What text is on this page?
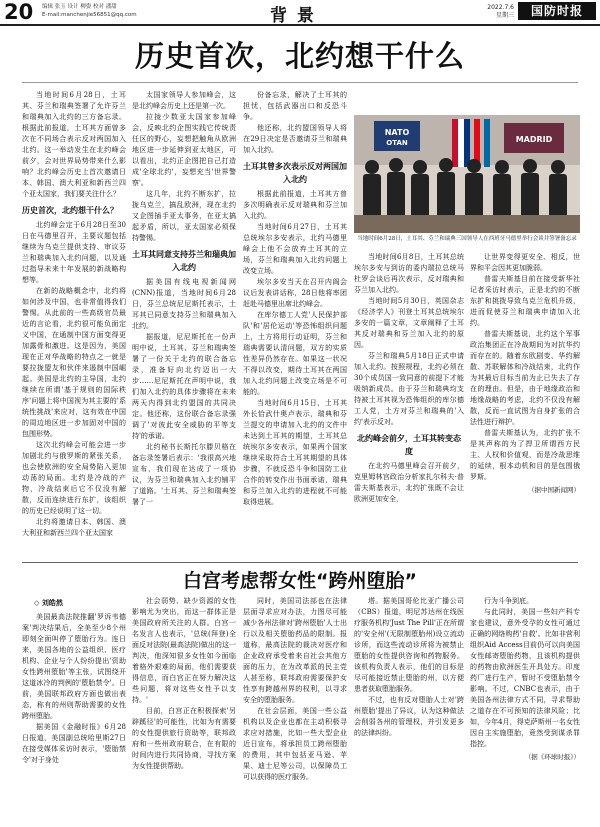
20 编辑 张玉 设计 柳姿 校对 潘甜
E-mail:manchenjie56851@qq.com	背 景	2022.7.6
星期三	国防时报
历史首次，北约想干什么

当地时间6月28日，土耳其、芬兰和瑞典签署了允许芬兰和瑞典加入北约的三方备忘录。根据此前报道，土耳其方面曾多次在不同场合表示反对两国加入北约。这一举动发生在北约峰会前夕，会对世界局势带来什么影响？北约峰会历史上首次邀请日本、韩国、澳大利亚和新西兰四个亚太国家，我们要关注什么？

历史首次，北约想干什么？

北约峰会定于6月28日至30日在马德里召开，主要议题包括继续为乌克兰提供支持、审议芬兰和瑞典加入北约问题，以及通过指导未来十年发展的新战略构想等。

在新的战略概念中，北约将如何涉及中国，也非常值得我们警惕。从此前的一些高级官员最近的言论看，北约很可能负面定义中国，在通制中国方面变得更加露骨和激进。这是因为，美国现在正对华战略的特点之一就是要拉拢盟友和伙伴来遏制中国崛起。美国是北约的主导国，北约继续在所谓'基于规则的国际秩序'问题上将中国视为其主要的'系统性挑战'来应对，这有效在中国的周边地区进一步加固对中国的包围形势。

这次北约峰会可能会进一步加剧北约与俄罗斯的紧张关系，也会使欧洲的安全局势陷入更加动荡的局面。北约是冷战的产物，冷战结束后它不仅没有解散，反而连续进行东扩，该组织的历史已经说明了这一切。

北约将邀请日本、韩国、澳大利亚和新西兰四个亚太国家

太国家领导人参加峰会，这是北约峰会历史上还是第一次。

拉拢少数亚太国家参加峰会，反映北约企图实践它传统责任区的野心，妄想把触角从欧洲地区进一步延伸到亚太地区，可以看出，北约正企图把自己打造成'全球北约'，妄想充当'世界警察'。

这几年，北约不断东扩，拉拢乌克兰，搞乱欧洲，现在北约又企图插手亚太事务，在亚太搞起矛盾，所以，亚太国家必须保持警惕。

土耳其同意支持芬兰和瑞典加入北约

据美国有线电视新闻网(CNN)报道，当地时间6月28日，芬兰总统尼尼斯托表示，土耳其已同意支持芬兰和瑞典加入北约。

据报道，尼尼斯托在一份声明中说，土耳其、芬兰和瑞典签署了一份关于北约的联合备忘录，准备好向北约迈出一大步……尼尼斯托在声明中说，我们加入北约的具体步骤将在未来两天内得到北约盟国的共同决定。他还称，这份联合备忘录强调了'对彼此安全威胁的平等支持'的承诺。

北约秘书长斯托尔滕贝格在备忘录签署后表示：'我很高兴地宣布，我们现在达成了一项协议，为芬兰和瑞典加入北约铺平了道路。'土耳其、芬兰和瑞典签署了一

份备忘录，解决了土耳其的担忧，包括武器出口和反恐斗争。

他还称，北约盟国领导人将在29日决定是否邀请芬兰和瑞典加入北约。

土耳其曾多次表示反对两国加入北约

根据此前报道，土耳其方曾多次明确表示反对瑞典和芬兰加入北约。

当地时间6月27日，土耳其总统埃尔多安表示，北约马德里峰会上他不会放弃土耳其的立场，芬兰和瑞典加入北约问题上改变立场。

埃尔多安当天在召开内阁会议后发表讲话称，28日他将率团赶赴马德里出席北约峰会。

在库尔德工人党'人民保护部队'和'居伦运动'等恐怖组织问题上，土方将用行动证明，芬兰和瑞典需要认清问题，双方的实质性差异仍然存在。如果这一状况不得以改变，期待土耳其在两国加入北约问题上改变立场是不可能的。

当地时间6月15日，土耳其外长恰武什奥卢表示，瑞典和芬兰提交的申请加入北约的文件中未达到土耳其的期望，土耳其总统埃尔多安表示，如果两个国家继续采取符合土耳其期望的具体步骤，不就反恐斗争和国防工业合作的转变作出书面承诺，瑞典和芬兰加入北约的进程就不可能取得进展。

NATO
OTAN	MADRID
当地时间6月28日，土耳其、芬兰和瑞典三国领导人在西班牙马德里举行会谈并签署备忘录

当地时间6月8日，土耳其总统埃尔多安与到访的委内瑞拉总统马杜罗会谈后再次表示，反对瑞典和芬兰加入北约。

当地时间5月30日，英国杂志《经济学人》刊登土耳其总统埃尔多安的一篇文章，文章阐释了土耳其反对瑞典和芬兰加入北约的原因。

芬兰和瑞典5月18日正式申请加入北约。按照规程，北约必须在30个成员国一致同意的前提下才能吸纳新成员。由于芬兰和瑞典均支持被土耳其视为恐怖组织的库尔德工人党，土方对芬兰和瑞典的'入约'表示反对。

北约峰会前夕，土耳其转变态度

在北约马德里峰会召开前夕，克里姆林宫政治分析家扎尔科夫·普雷夫斯基表示，北约扩张既不会让欧洲更加安全，

让世界变得更安全、相反，世界和平会因其更加脆弱。

普雷夫斯基目前在接受新华社记者采访时表示，正是北约的不断东扩和挑拨导致乌克兰危机升级，进而促使芬兰和瑞典申请加入北约。

普雷夫斯基说，北约这个军事政治集团正在冷战期间为对抗华约而存在的。随着东欧剧变、华约解散、苏联解体和冷战结束，北约作为其最后目标当前为止已失去了存在的理由。但是，由于地缘政治和地缘战略的考虑，北约不仅没有解散，反而一直试图为自身扩张的合法性进行辩护。

普雷夫斯基认为，北约扩张不是其声称的为了捍卫所谓西方民主、人权和价值观，而是冷战思维的延续，根本动机和目的是包围俄罗斯。

（据中国新闻网）

白宫考虑帮女性“跨州堕胎”
◇ 刘皓然

美国最高法院推翻'罗诉韦德案'判决结果后，全美至少8个州即刻全面叫停了堕胎行为。连日来，美国各地的公益组织、医疗机构、企业与个人纷纷提出'资助女性跨州堕胎'等主张，试图绕开这道冰冷的判例的'堕胎禁令'。日前，美国联邦政府方面也做出表态，称有的州则帮助需要的女性跨州堕胎。

据美国《金融时报》6月28日报道，美国副总统哈里斯27日在接受媒体采访时表示，'堕胎禁令'对于身处

社会弱势、缺少资源的女性影响尤为突出，而这一群体正是美国政府所关注的人群。白宫一名发言人也表示，'总统(拜登)全面反对法院(最高法院)做出的这一判决，他深知很多女性如今面临着格外艰难的局面，他们需要获得信息，而白宫正在努力解决这些问题，将对这些女性予以支持。'

目前，白宫正在积极探索'另辟蹊径'的可能性，比如为有需要的女性提供旅行资助等，联邦政府和一些州政府联合，在有限的时间内进行共同协商，寻找方案为女性提供帮助。

同时，美国司法部也在法律层面寻求应对办法，力图尽可能减少各州法律对'跨州堕胎'人士出行以及相关堕胎药品的限制。报道称，最高法院的裁决对医疗和企业政府承受着来自社会其他方面的压力，在为改革派的民主党人甚至称，联邦政府需要保护女性享有跨越州界的权利，以寻求安全的堕胎服务。

在社会层面，美国一些公益机构以及企业也都在主动积极寻求应对措施，比如一些大型企业近日宣布，将承担员工跨州堕胎的费用，其中包括亚马逊、苹果、迪士尼等公司，以保障员工可以获得的医疗服务。

塔。据美国哥伦比亚广播公司（CBS）报道，明尼苏达州在线医疗服务机构'Just The Pill'正在所谓的'安全州'(无限制堕胎州)设立流动诊所，而这些流动诊所将为被禁止堕胎的女性提供咨询和药物服务。该机构负责人表示，他们的目标是尽可能接近禁止堕胎的州，以方便患者获取堕胎服务。

不过，也有反对堕胎人士对'跨州堕胎'提出了异议，认为这种做法会削弱各州的管理权，并引发更多的法律纠纷。

行为斗争到底。

与此同时，美国一些妇产科专家也建议，意外受孕的女性可通过正确的网络购药'自救'。比如非营利组织Aid Access目前仍可以向美国女性邮寄堕胎药物，且该机构提供的药物由欧洲医生开具处方。印度药厂进行生产，暂时不受堕胎禁令影响。不过，CNBC也表示，由于美国各州法律方式不同，寻求帮助之道存在不可预知的法律风险；比如，今年4月，得克萨斯州一名女性因自主实施堕胎，竟然受到谋杀罪指控。

（据《环球时报》）
